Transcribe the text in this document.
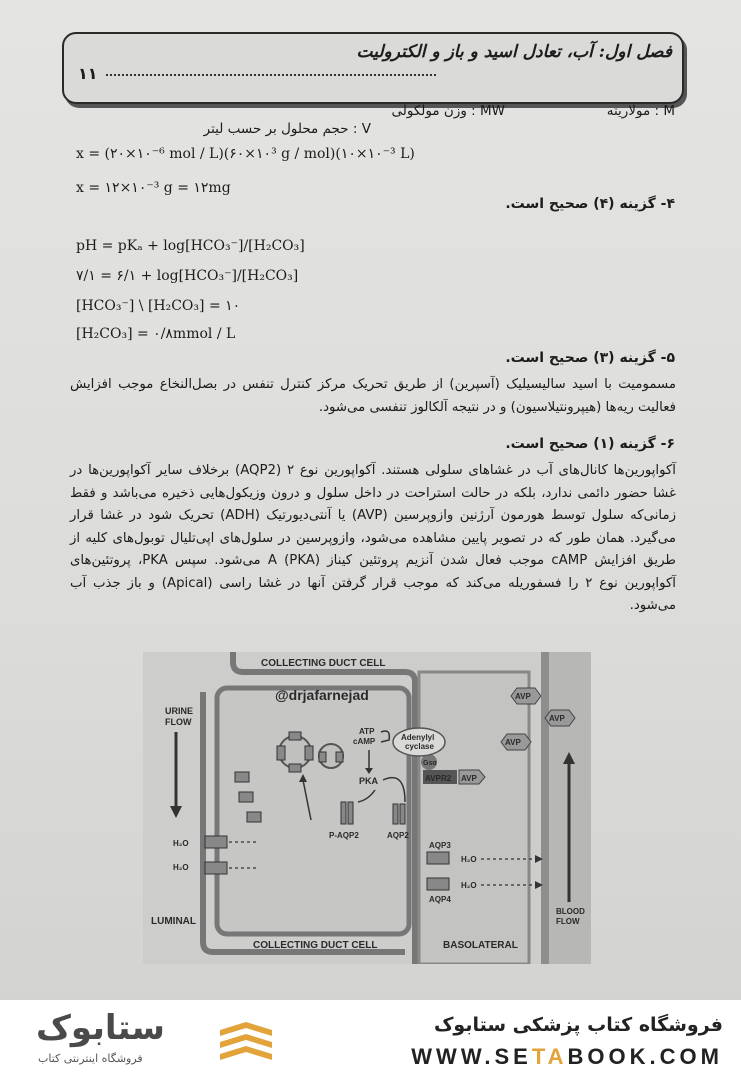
فصل اول: آب، تعادل اسید و باز و الکترولیت
۱۱
M : مولاریته
MW : وزن مولکولی
V : حجم محلول بر حسب لیتر
x = (۲۰×۱۰⁻⁶ mol / L)(۶۰×۱۰³ g / mol)(۱۰×۱۰⁻³ L)
x = ۱۲×۱۰⁻³ g = ۱۲mg
۴- گزینه (۴) صحیح است.
pH = pKₐ + log[HCO₃⁻]/[H₂CO₃]
۷/۱ = ۶/۱ + log[HCO₃⁻]/[H₂CO₃]
[HCO₃⁻] \ [H₂CO₃] = ۱۰
[H₂CO₃] = ۰/۸mmol / L
۵- گزینه (۳) صحیح است.
مسمومیت با اسید سالیسیلیک (آسپرین) از طریق تحریک مرکز کنترل تنفس در بصل‌النخاع موجب افزایش فعالیت ریه‌ها (هیپرونتیلاسیون) و در نتیجه آلکالوز تنفسی می‌شود.
۶- گزینه (۱) صحیح است.
آکواپورین‌ها کانال‌های آب در غشاهای سلولی هستند. آکواپورین نوع ۲ (AQP2) برخلاف سایر آکواپورین‌ها در غشا حضور دائمی ندارد، بلکه در حالت استراحت در داخل سلول و درون وزیکول‌هایی ذخیره می‌باشد و فقط زمانی‌که سلول توسط هورمون آرژنین وازوپرسین (AVP) یا آنتی‌دیورتیک (ADH) تحریک شود در غشا قرار می‌گیرد. همان طور که در تصویر پایین مشاهده می‌شود، وازوپرسین در سلول‌های اپی‌تلیال توبول‌های کلیه از طریق افزایش cAMP موجب فعال شدن آنزیم پروتئین کیناز A (PKA) می‌شود. سپس PKA، پروتئین‌های آکواپورین نوع ۲ را فسفوریله می‌کند که موجب قرار گرفتن آنها در غشا راسی (Apical) و باز جذب آب می‌شود.
COLLECTING DUCT CELL
COLLECTING DUCT CELL
@drjafarnejad
URINE
FLOW
LUMINAL
BASOLATERAL
BLOOD
FLOW
AVP
AVP
AVP
AVPR2 AVP
Gsα
Adenylyl
cyclase
ATP
cAMP
PKA
P-AQP2	AQP2
H₂O
H₂O
AQP3
AQP4
H₂O
H₂O
ستابوک
فروشگاه اینترنتی کتاب
فروشگاه کتاب پزشکی ستابوک
WWW.SETABOOK.COM
